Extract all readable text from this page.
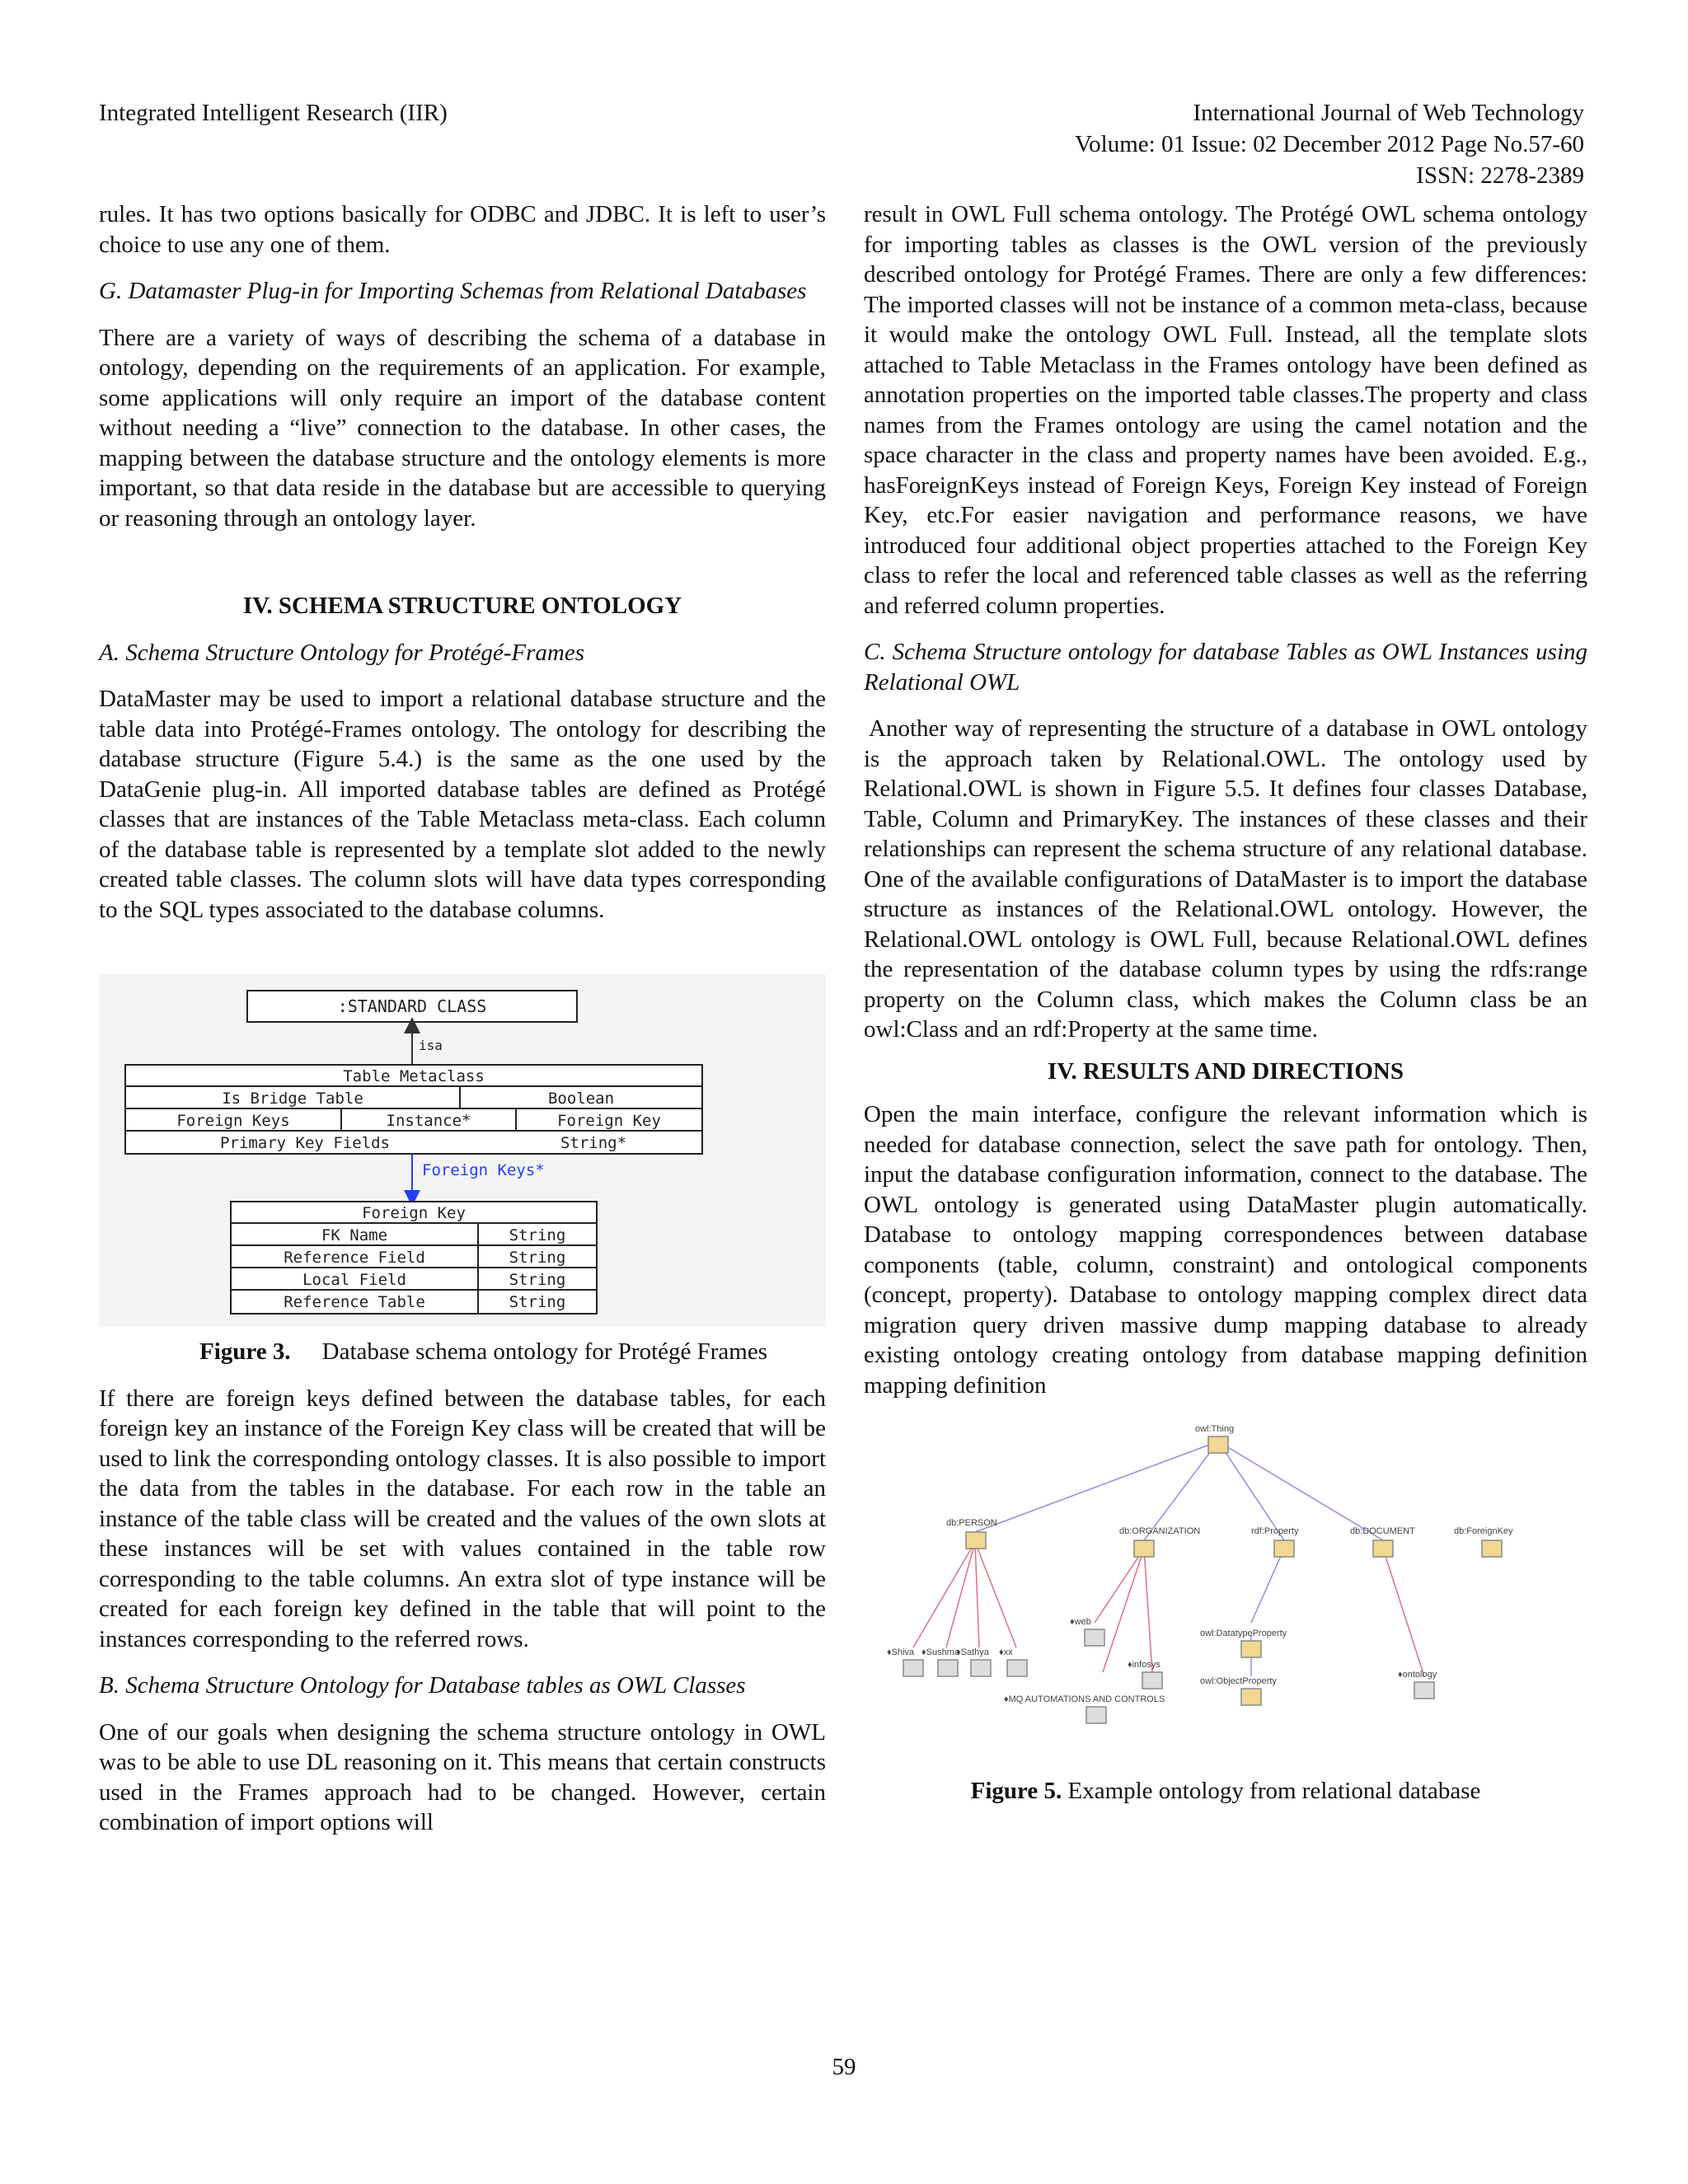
Integrated Intelligent Research (IIR)	International Journal of Web Technology
Volume: 01 Issue: 02 December 2012 Page No.57-60
ISSN: 2278-2389

rules. It has two options basically for ODBC and JDBC. It is left to user’s choice to use any one of them.

G. Datamaster Plug-in for Importing Schemas from Relational Databases

There are a variety of ways of describing the schema of a database in ontology, depending on the requirements of an application. For example, some applications will only require an import of the database content without needing a “live” connection to the database. In other cases, the mapping between the database structure and the ontology elements is more important, so that data reside in the database but are accessible to querying or reasoning through an ontology layer.

IV. SCHEMA STRUCTURE ONTOLOGY

A. Schema Structure Ontology for Protégé-Frames

DataMaster may be used to import a relational database structure and the table data into Protégé-Frames ontology. The ontology for describing the database structure (Figure 5.4.) is the same as the one used by the DataGenie plug-in. All imported database tables are defined as Protégé classes that are instances of the Table Metaclass meta-class. Each column of the database table is represented by a template slot added to the newly created table classes. The column slots will have data types corresponding to the SQL types associated to the database columns.

:STANDARD CLASS
isa
Table Metaclass
Is Bridge Table	Boolean
Foreign Keys	Instance*	Foreign Key
Primary Key Fields	String*
Foreign Keys*
Foreign Key
FK Name	String
Reference Field	String
Local Field	String
Reference Table	String

Figure 3. Database schema ontology for Protégé Frames

If there are foreign keys defined between the database tables, for each foreign key an instance of the Foreign Key class will be created that will be used to link the corresponding ontology classes. It is also possible to import the data from the tables in the database. For each row in the table an instance of the table class will be created and the values of the own slots at these instances will be set with values contained in the table row corresponding to the table columns. An extra slot of type instance will be created for each foreign key defined in the table that will point to the instances corresponding to the referred rows.

B. Schema Structure Ontology for Database tables as OWL Classes

One of our goals when designing the schema structure ontology in OWL was to be able to use DL reasoning on it. This means that certain constructs used in the Frames approach had to be changed. However, certain combination of import options will

result in OWL Full schema ontology. The Protégé OWL schema ontology for importing tables as classes is the OWL version of the previously described ontology for Protégé Frames. There are only a few differences: The imported classes will not be instance of a common meta-class, because it would make the ontology OWL Full. Instead, all the template slots attached to Table Metaclass in the Frames ontology have been defined as annotation properties on the imported table classes.The property and class names from the Frames ontology are using the camel notation and the space character in the class and property names have been avoided. E.g., hasForeignKeys instead of Foreign Keys, Foreign Key instead of Foreign Key, etc.For easier navigation and performance reasons, we have introduced four additional object properties attached to the Foreign Key class to refer the local and referenced table classes as well as the referring and referred column properties.

C. Schema Structure ontology for database Tables as OWL Instances using Relational OWL

Another way of representing the structure of a database in OWL ontology is the approach taken by Relational.OWL. The ontology used by Relational.OWL is shown in Figure 5.5. It defines four classes Database, Table, Column and PrimaryKey. The instances of these classes and their relationships can represent the schema structure of any relational database. One of the available configurations of DataMaster is to import the database structure as instances of the Relational.OWL ontology. However, the Relational.OWL ontology is OWL Full, because Relational.OWL defines the representation of the database column types by using the rdfs:range property on the Column class, which makes the Column class be an owl:Class and an rdf:Property at the same time.

IV. RESULTS AND DIRECTIONS

Open the main interface, configure the relevant information which is needed for database connection, select the save path for ontology. Then, input the database configuration information, connect to the database. The OWL ontology is generated using DataMaster plugin automatically. Database to ontology mapping correspondences between database components (table, column, constraint) and ontological components (concept, property). Database to ontology mapping complex direct data migration query driven massive dump mapping database to already existing ontology creating ontology from database mapping definition mapping definition

owl:Thing
db:PERSON
db:ORGANIZATION	rdf:Property	db:DOCUMENT	db:ForeignKey
♦web
♦infosys
owl:DatatypeProperty
owl:ObjectProperty
♦ontology
♦MQ AUTOMATIONS AND CONTROLS
♦Shiva ♦Sushma
♦Sathya ♦xx

Figure 5. Example ontology from relational database

59
